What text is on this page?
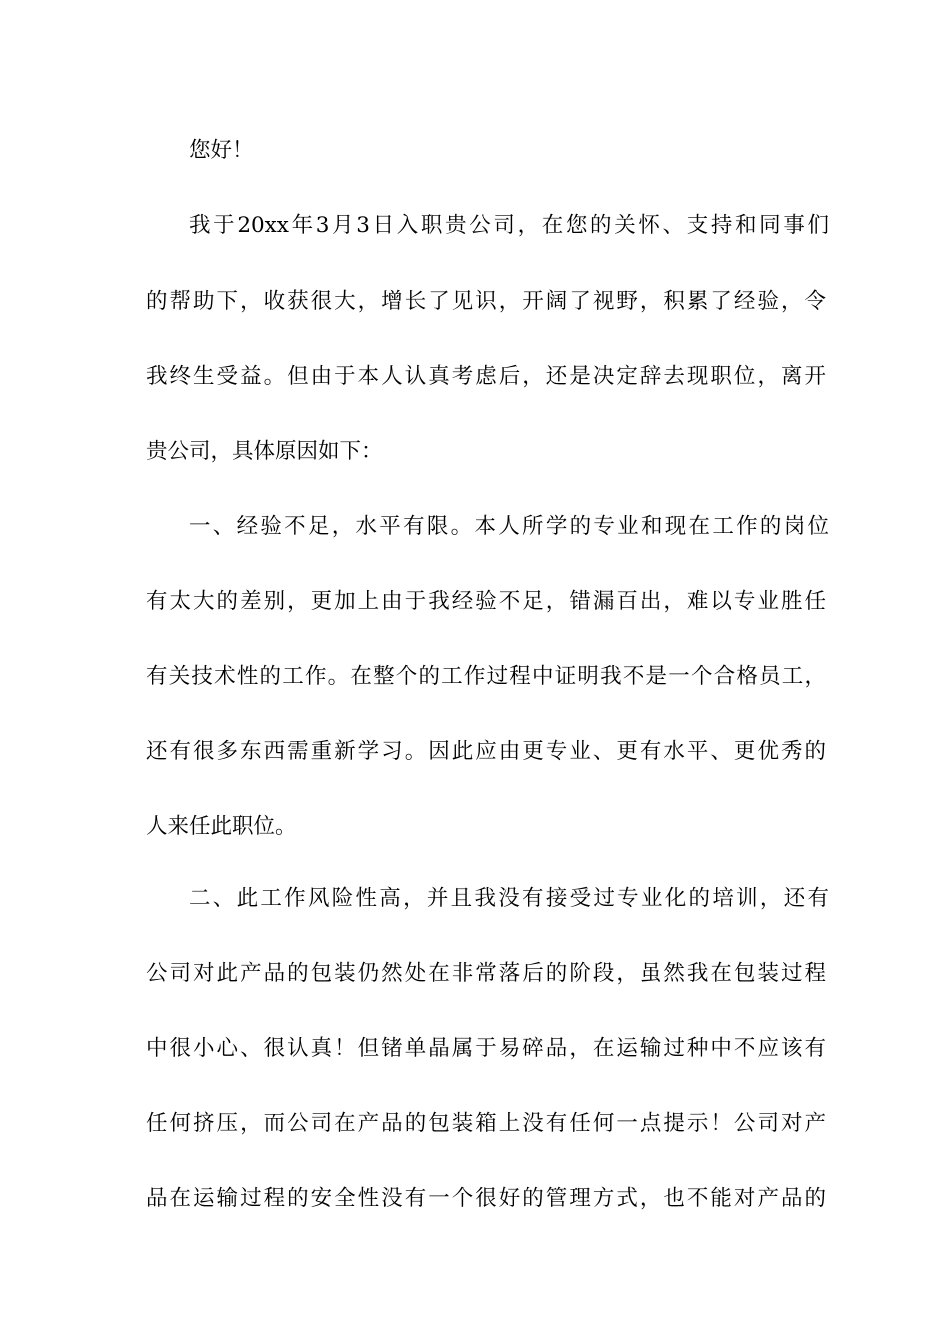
您好！
我于20xx年3月3日入职贵公司，在您的关怀、支持和同事们
的帮助下，收获很大，增长了见识，开阔了视野，积累了经验，令
我终生受益。但由于本人认真考虑后，还是决定辞去现职位，离开
贵公司，具体原因如下：
一、经验不足，水平有限。本人所学的专业和现在工作的岗位
有太大的差别，更加上由于我经验不足，错漏百出，难以专业胜任
有关技术性的工作。在整个的工作过程中证明我不是一个合格员工，
还有很多东西需重新学习。因此应由更专业、更有水平、更优秀的
人来任此职位。
二、此工作风险性高，并且我没有接受过专业化的培训，还有
公司对此产品的包装仍然处在非常落后的阶段，虽然我在包装过程
中很小心、很认真！但锗单晶属于易碎品，在运输过种中不应该有
任何挤压，而公司在产品的包装箱上没有任何一点提示！公司对产
品在运输过程的安全性没有一个很好的管理方式，也不能对产品的
